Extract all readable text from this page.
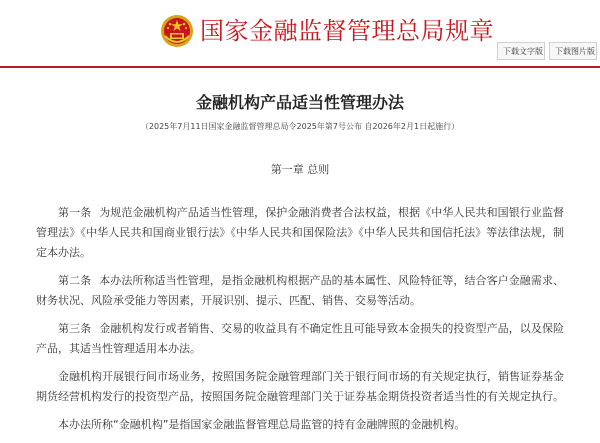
国家金融监督管理总局规章
下载文字版	下载图片版
金融机构产品适当性管理办法
（2025年7月11日国家金融监督管理总局令2025年第7号公布 自2026年2月1日起施行）
第一章 总则

第一条 为规范金融机构产品适当性管理，保护金融消费者合法权益，根据《中华人民共和国银行业监督管理法》《中华人民共和国商业银行法》《中华人民共和国保险法》《中华人民共和国信托法》等法律法规，制定本办法。

第二条 本办法所称适当性管理，是指金融机构根据产品的基本属性、风险特征等，结合客户金融需求、财务状况、风险承受能力等因素，开展识别、提示、匹配、销售、交易等活动。

第三条 金融机构发行或者销售、交易的收益具有不确定性且可能导致本金损失的投资型产品，以及保险产品，其适当性管理适用本办法。

金融机构开展银行间市场业务，按照国务院金融管理部门关于银行间市场的有关规定执行，销售证券基金期货经营机构发行的投资型产品，按照国务院金融管理部门关于证券基金期货投资者适当性的有关规定执行。

本办法所称“金融机构”是指国家金融监督管理总局监管的持有金融牌照的金融机构。
